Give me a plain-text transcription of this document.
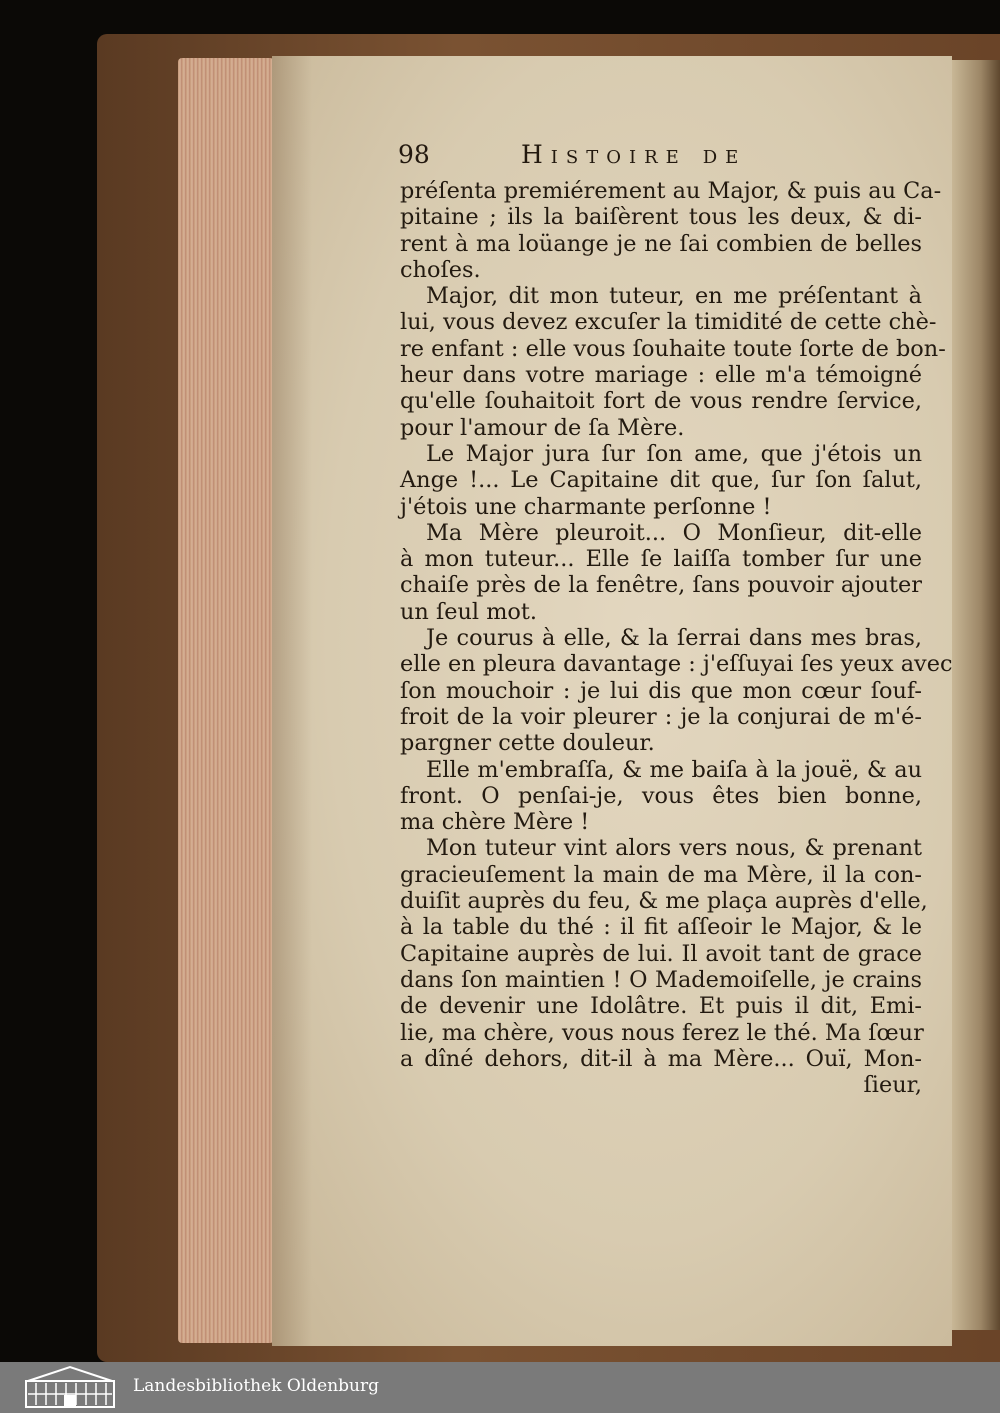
98	Histoire de
préſenta premiérement au Major, & puis au Ca-
pitaine ; ils la baiſèrent tous les deux, & di-
rent à ma loüange je ne ſai combien de belles
choſes.
Major, dit mon tuteur, en me préſentant à
lui, vous devez excuſer la timidité de cette chè-
re enfant : elle vous ſouhaite toute ſorte de bon-
heur dans votre mariage : elle m'a témoigné
qu'elle ſouhaitoit fort de vous rendre ſervice,
pour l'amour de ſa Mère.
Le Major jura ſur ſon ame, que j'étois un
Ange !... Le Capitaine dit que, ſur ſon ſalut,
j'étois une charmante perſonne !
Ma Mère pleuroit... O Monſieur, dit-elle
à mon tuteur... Elle ſe laiſſa tomber ſur une
chaiſe près de la fenêtre, ſans pouvoir ajouter
un ſeul mot.
Je courus à elle, & la ſerrai dans mes bras,
elle en pleura davantage : j'eſſuyai ſes yeux avec
ſon mouchoir : je lui dis que mon cœur ſouf-
froit de la voir pleurer : je la conjurai de m'é-
pargner cette douleur.
Elle m'embraſſa, & me baiſa à la jouë, & au
front. O penſai-je, vous êtes bien bonne,
ma chère Mère !
Mon tuteur vint alors vers nous, & prenant
gracieuſement la main de ma Mère, il la con-
duiſit auprès du feu, & me plaça auprès d'elle,
à la table du thé : il fit aſſeoir le Major, & le
Capitaine auprès de lui. Il avoit tant de grace
dans ſon maintien ! O Mademoiſelle, je crains
de devenir une Idolâtre. Et puis il dit, Emi-
lie, ma chère, vous nous ferez le thé. Ma ſœur
a dîné dehors, dit-il à ma Mère... Ouï, Mon-
ſieur,
Landesbibliothek Oldenburg
